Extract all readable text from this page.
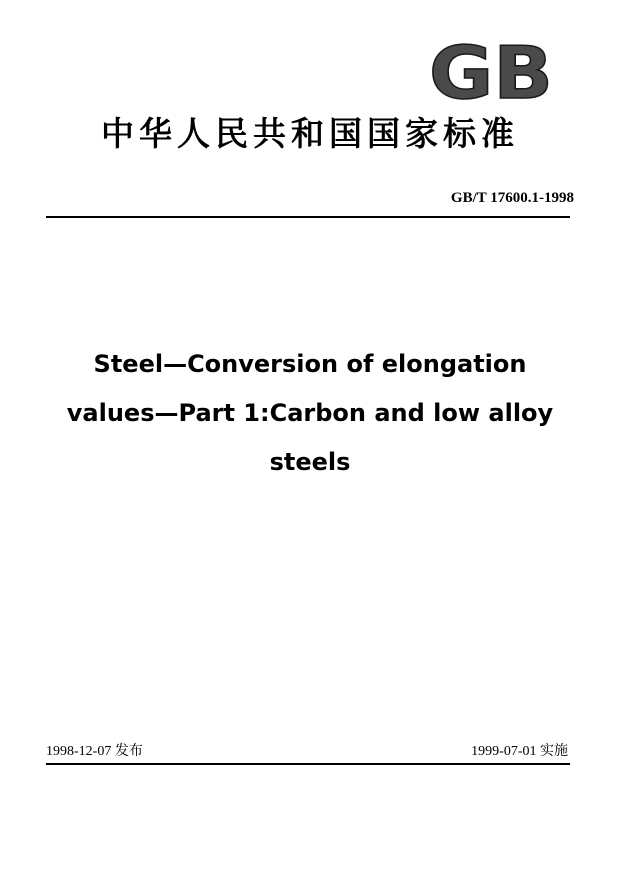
GB
中华人民共和国国家标准
GB/T 17600.1-1998
Steel—Conversion of elongation
values—Part 1:Carbon and low alloy
steels
1998-12-07 发布	1999-07-01 实施
